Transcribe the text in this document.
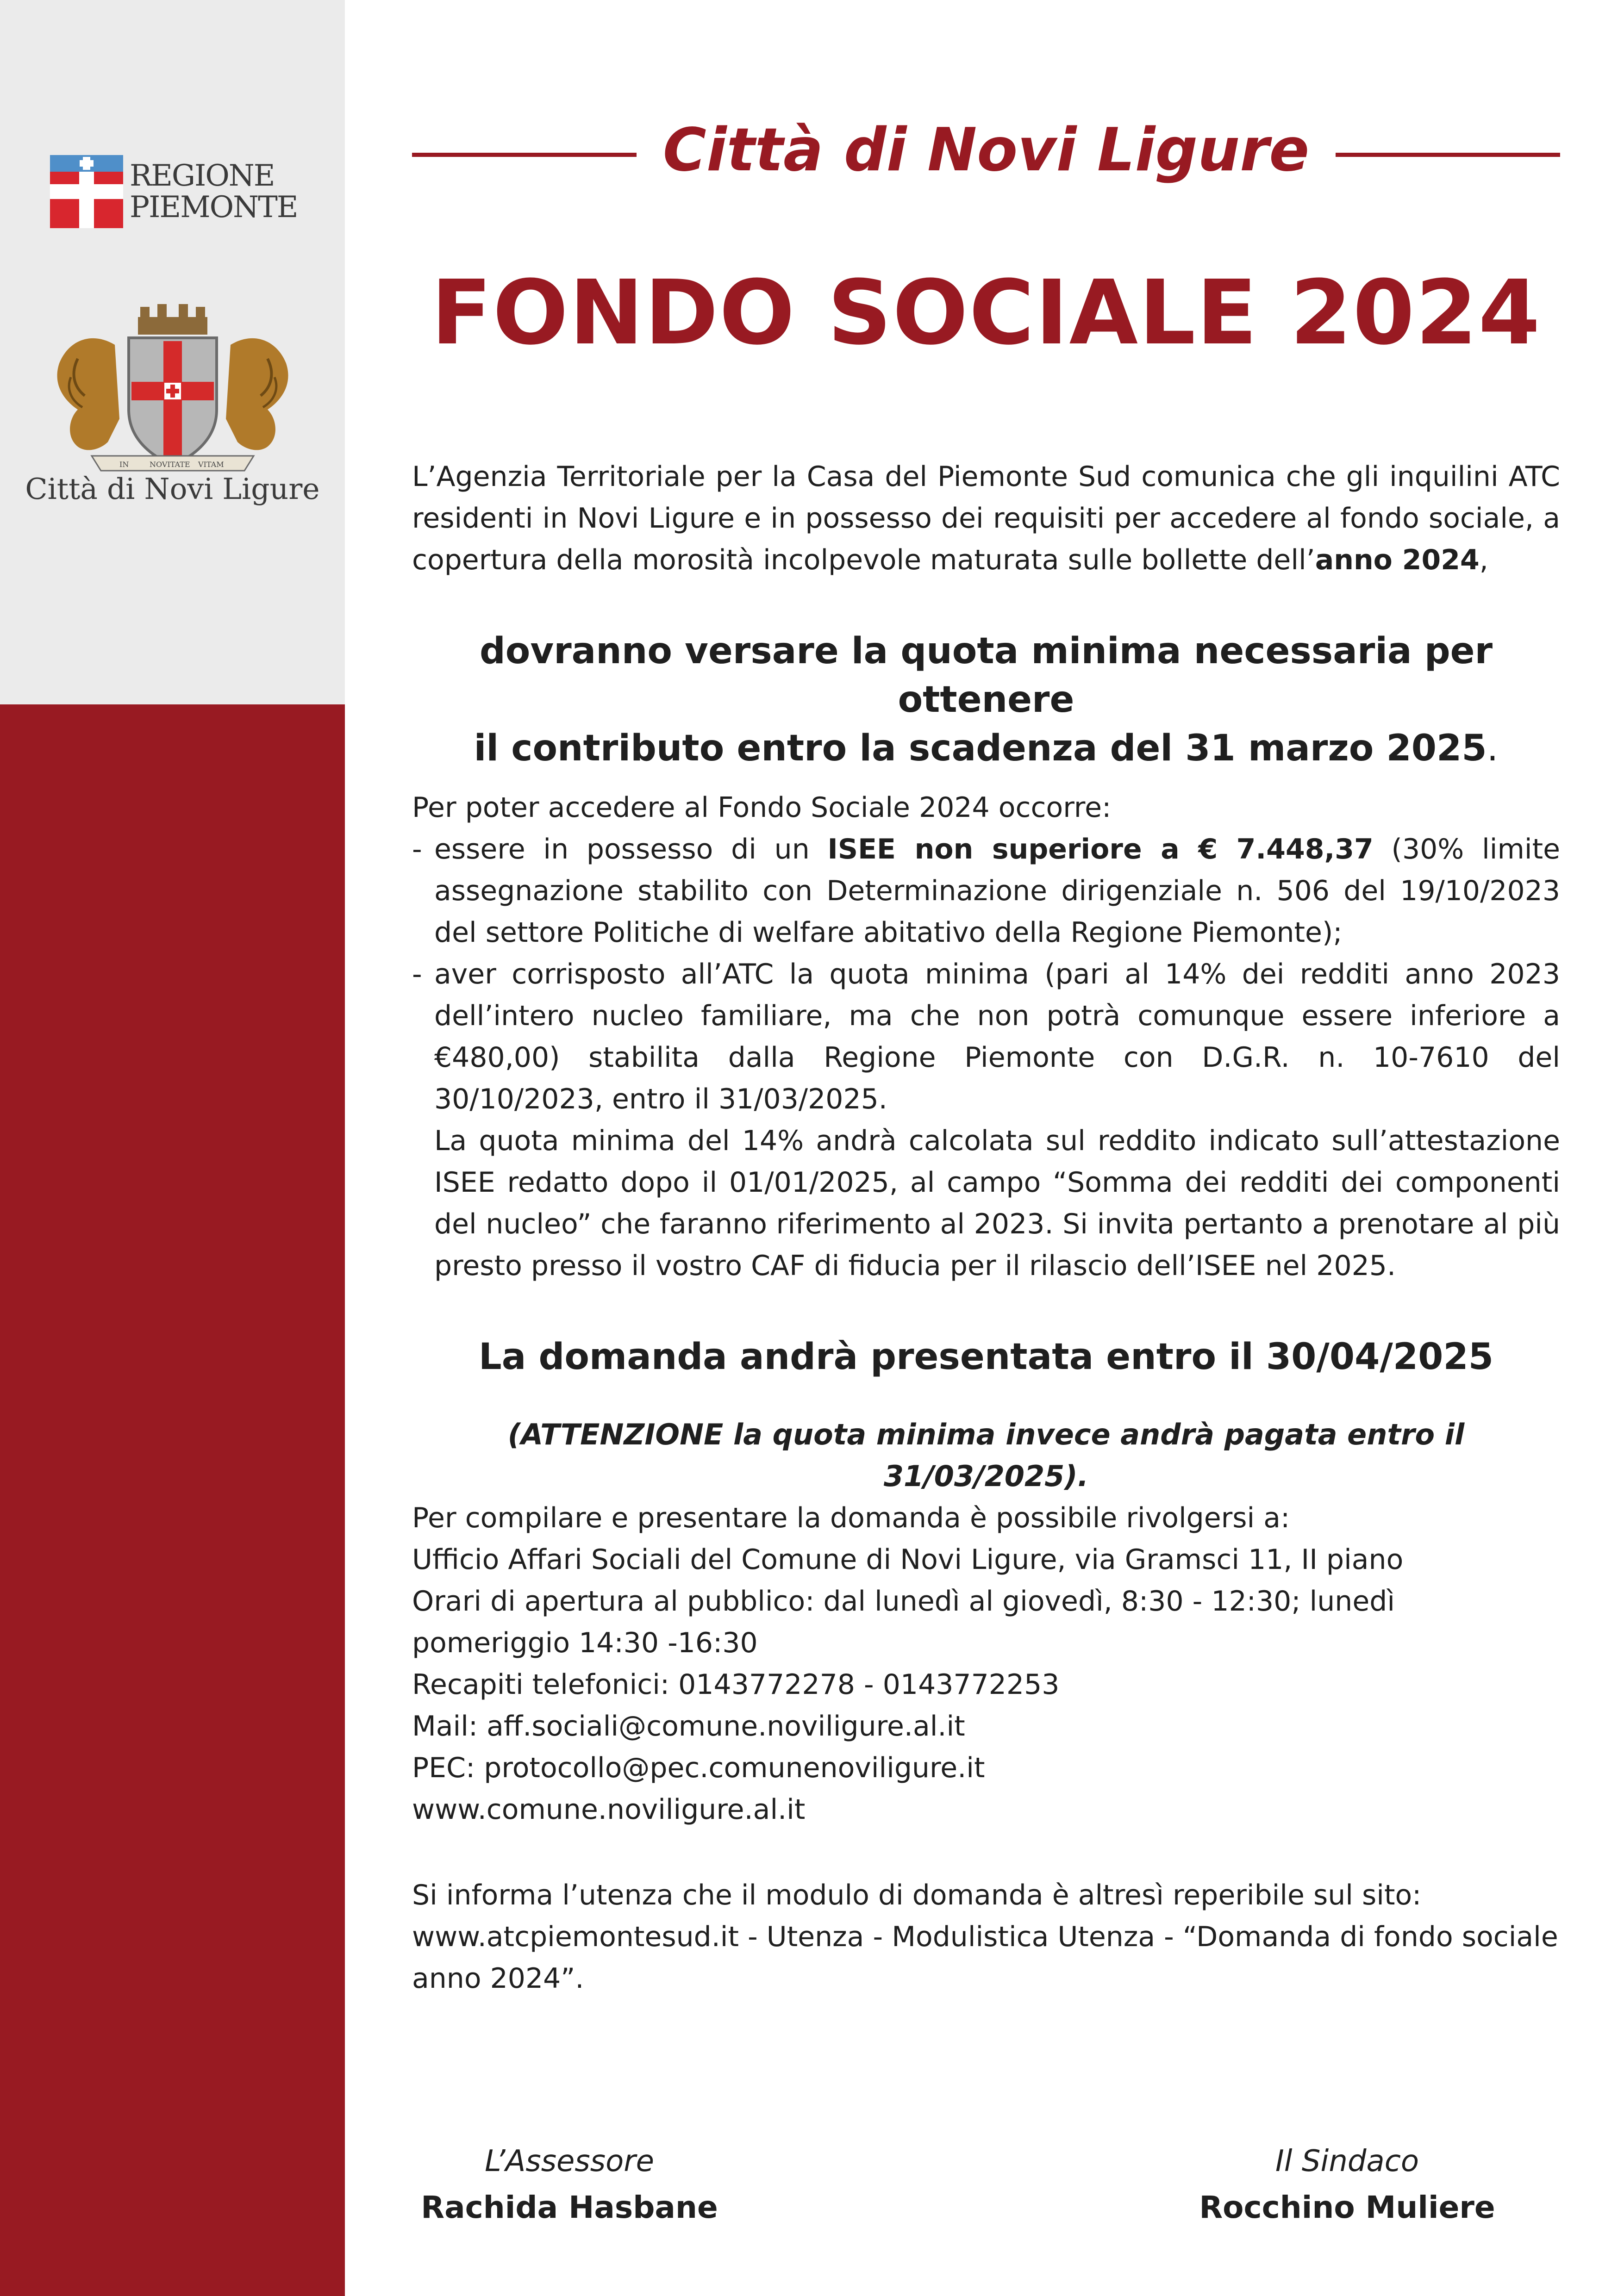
REGIONE
PIEMONTE
IN	NOVITATE VITAM
Città di Novi Ligure
Città di Novi Ligure
FONDO SOCIALE 2024
L’Agenzia Territoriale per la Casa del Piemonte Sud comunica che gli inquilini ATC residenti in Novi Ligure e in possesso dei requisiti per accedere al fondo sociale, a copertura della morosità incolpevole maturata sulle bollette dell’anno 2024,
dovranno versare la quota minima necessaria per ottenere
il contributo entro la scadenza del 31 marzo 2025.
Per poter accedere al Fondo Sociale 2024 occorre:
- essere in possesso di un ISEE non superiore a € 7.448,37 (30% limite assegnazione stabilito con Determinazione dirigenziale n. 506 del 19/10/2023 del settore Politiche di welfare abitativo della Regione Piemonte);
- aver corrisposto all’ATC la quota minima (pari al 14% dei redditi anno 2023 dell’intero nucleo familiare, ma che non potrà comunque essere inferiore a €480,00) stabilita dalla Regione Piemonte con D.G.R. n. 10-7610 del 30/10/2023, entro il 31/03/2025.
La quota minima del 14% andrà calcolata sul reddito indicato sull’attestazione ISEE redatto dopo il 01/01/2025, al campo “Somma dei redditi dei componenti del nucleo” che faranno riferimento al 2023. Si invita pertanto a prenotare al più presto presso il vostro CAF di fiducia per il rilascio dell’ISEE nel 2025.
La domanda andrà presentata entro il 30/04/2025
(ATTENZIONE la quota minima invece andrà pagata entro il 31/03/2025).
Per compilare e presentare la domanda è possibile rivolgersi a:
Ufficio Affari Sociali del Comune di Novi Ligure, via Gramsci 11, II piano
Orari di apertura al pubblico: dal lunedì al giovedì, 8:30 - 12:30; lunedì pomeriggio 14:30 -16:30
Recapiti telefonici: 0143772278 - 0143772253
Mail: aff.sociali@comune.noviligure.al.it
PEC: protocollo@pec.comunenoviligure.it
www.comune.noviligure.al.it
Si informa l’utenza che il modulo di domanda è altresì reperibile sul sito: www.atcpiemontesud.it - Utenza - Modulistica Utenza - “Domanda di fondo sociale anno 2024”.
L’Assessore
Rachida Hasbane
Il Sindaco
Rocchino Muliere
